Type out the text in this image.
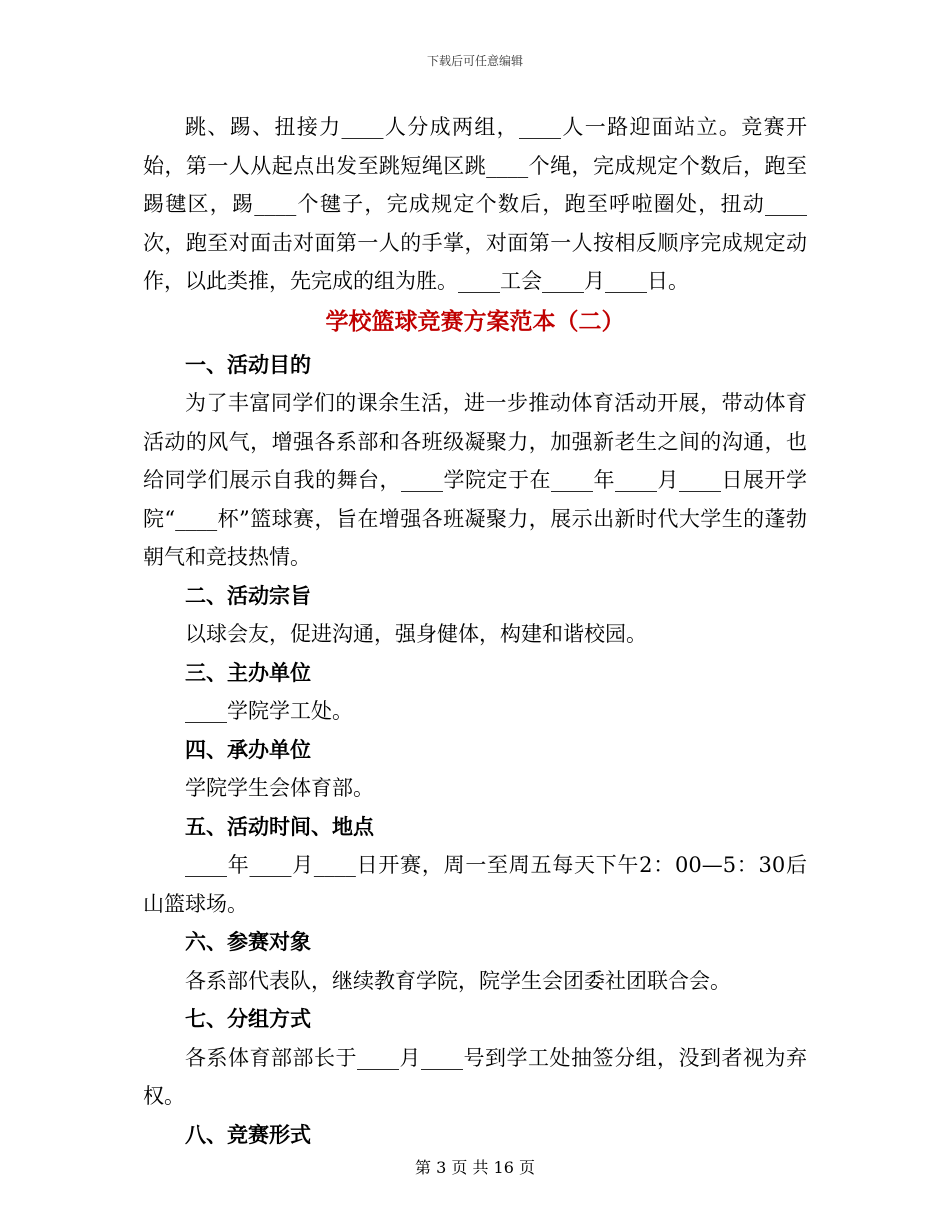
下载后可任意编辑

跳、踢、扭接力____人分成两组，____人一路迎面站立。竞赛开始，第一人从起点出发至跳短绳区跳____个绳，完成规定个数后，跑至踢毽区，踢____个毽子，完成规定个数后，跑至呼啦圈处，扭动____次，跑至对面击对面第一人的手掌，对面第一人按相反顺序完成规定动作，以此类推，先完成的组为胜。____工会____月____日。

学校篮球竞赛方案范本（二）

一、活动目的

为了丰富同学们的课余生活，进一步推动体育活动开展，带动体育活动的风气，增强各系部和各班级凝聚力，加强新老生之间的沟通，也给同学们展示自我的舞台，____学院定于在____年____月____日展开学院“____杯”篮球赛，旨在增强各班凝聚力，展示出新时代大学生的蓬勃朝气和竞技热情。

二、活动宗旨

以球会友，促进沟通，强身健体，构建和谐校园。

三、主办单位

____学院学工处。

四、承办单位

学院学生会体育部。

五、活动时间、地点

____年____月____日开赛，周一至周五每天下午2：00—5：30后山篮球场。

六、参赛对象

各系部代表队，继续教育学院，院学生会团委社团联合会。

七、分组方式

各系体育部部长于____月____号到学工处抽签分组，没到者视为弃权。

八、竞赛形式

第 3 页 共 16 页
